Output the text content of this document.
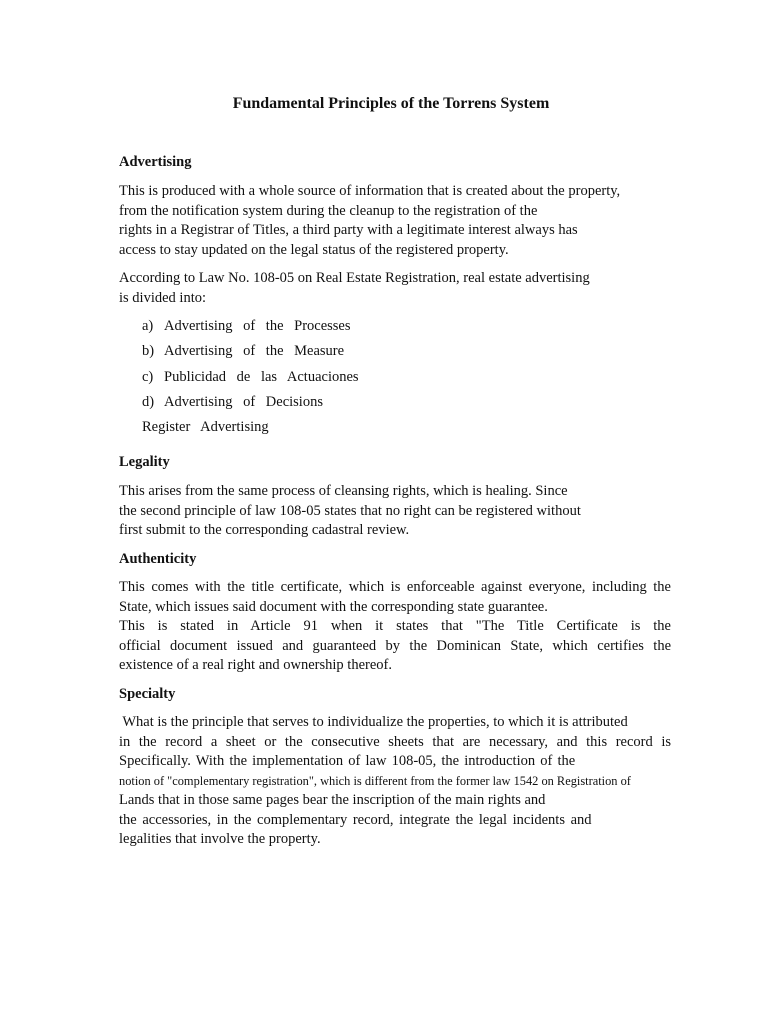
Fundamental Principles of the Torrens System

Advertising

This is produced with a whole source of information that is created about the property,
from the notification system during the cleanup to the registration of the
rights in a Registrar of Titles, a third party with a legitimate interest always has
access to stay updated on the legal status of the registered property.

According to Law No. 108-05 on Real Estate Registration, real estate advertising
is divided into:

a) Advertising of the Processes
b) Advertising of the Measure
c) Publicidad de las Actuaciones
d) Advertising of Decisions
Register Advertising

Legality

This arises from the same process of cleansing rights, which is healing. Since
the second principle of law 108-05 states that no right can be registered without
first submit to the corresponding cadastral review.

Authenticity

This comes with the title certificate, which is enforceable against everyone, including the
State, which issues said document with the corresponding state guarantee.
This is stated in Article 91 when it states that "The Title Certificate is the
official document issued and guaranteed by the Dominican State, which certifies the
existence of a real right and ownership thereof.

Specialty

What is the principle that serves to individualize the properties, to which it is attributed
in the record a sheet or the consecutive sheets that are necessary, and this record is
Specifically. With the implementation of law 108-05, the introduction of the
notion of "complementary registration", which is different from the former law 1542 on Registration of
Lands that in those same pages bear the inscription of the main rights and
the accessories, in the complementary record, integrate the legal incidents and
legalities that involve the property.
